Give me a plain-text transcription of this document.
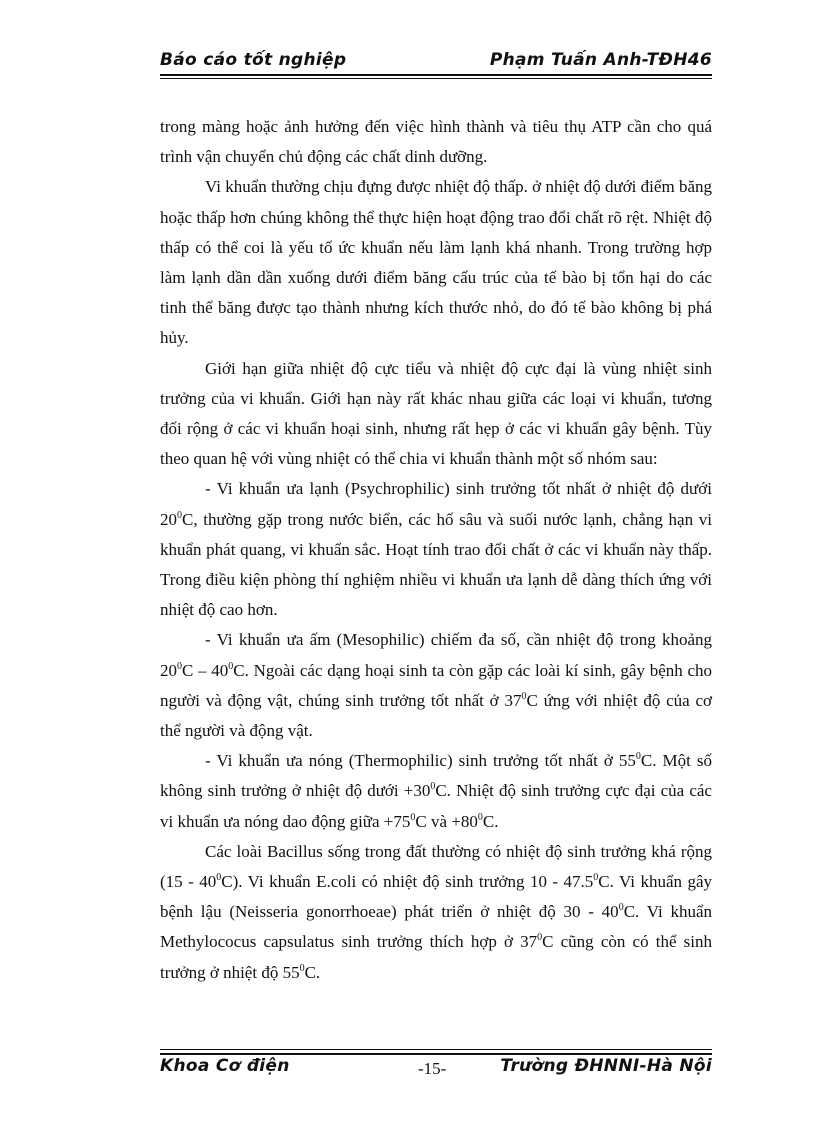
Báo cáo tốt nghiệp	Phạm Tuấn Anh-TĐH46

trong màng hoặc ảnh hưởng đến việc hình thành và tiêu thụ ATP cần cho quá trình vận chuyển chủ động các chất dinh dưỡng.

Vi khuẩn thường chịu đựng được nhiệt độ thấp. ở nhiệt độ dưới điểm băng hoặc thấp hơn chúng không thể thực hiện hoạt động trao đổi chất rõ rệt. Nhiệt độ thấp có thể coi là yếu tố ức khuẩn nếu làm lạnh khá nhanh. Trong trường hợp làm lạnh dần dần xuống dưới điểm băng cấu trúc của tế bào bị tổn hại do các tinh thể băng được tạo thành nhưng kích thước nhỏ, do đó tế bào không bị phá hủy.

Giới hạn giữa nhiệt độ cực tiểu và nhiệt độ cực đại là vùng nhiệt sinh trưởng của vi khuẩn. Giới hạn này rất khác nhau giữa các loại vi khuẩn, tương đối rộng ở các vi khuẩn hoại sinh, nhưng rất hẹp ở các vi khuẩn gây bệnh. Tùy theo quan hệ với vùng nhiệt có thể chia vi khuẩn thành một số nhóm sau:

- Vi khuẩn ưa lạnh (Psychrophilic) sinh trưởng tốt nhất ở nhiệt độ dưới $20^0C$, thường gặp trong nước biển, các hố sâu và suối nước lạnh, chẳng hạn vi khuẩn phát quang, vi khuẩn sắc. Hoạt tính trao đổi chất ở các vi khuẩn này thấp. Trong điều kiện phòng thí nghiệm nhiều vi khuẩn ưa lạnh dễ dàng thích ứng với nhiệt độ cao hơn.

- Vi khuẩn ưa ấm (Mesophilic) chiếm đa số, cần nhiệt độ trong khoảng $20^0C - 40^0C$. Ngoài các dạng hoại sinh ta còn gặp các loài kí sinh, gây bệnh cho người và động vật, chúng sinh trưởng tốt nhất ở $37^0C$ ứng với nhiệt độ của cơ thể người và động vật.

- Vi khuẩn ưa nóng (Thermophilic) sinh trưởng tốt nhất ở $55^0C$. Một số không sinh trưởng ở nhiệt độ dưới $+30^0C$. Nhiệt độ sinh trưởng cực đại của các vi khuẩn ưa nóng dao động giữa $+75^0C$ và $+80^0C$.

Các loài Bacillus sống trong đất thường có nhiệt độ sinh trưởng khá rộng $(15 - 40^0C)$. Vi khuẩn E.coli có nhiệt độ sinh trưởng 10 - 47.5$^0$C. Vi khuẩn gây bệnh lậu (Neisseria gonorrhoeae) phát triển ở nhiệt độ $30 - 40^0C$. Vi khuẩn Methylococus capsulatus sinh trưởng thích hợp ở $37^0C$ cũng còn có thể sinh trưởng ở nhiệt độ $55^0C$.

Khoa Cơ điện	-15-	Trường ĐHNNI-Hà Nội
